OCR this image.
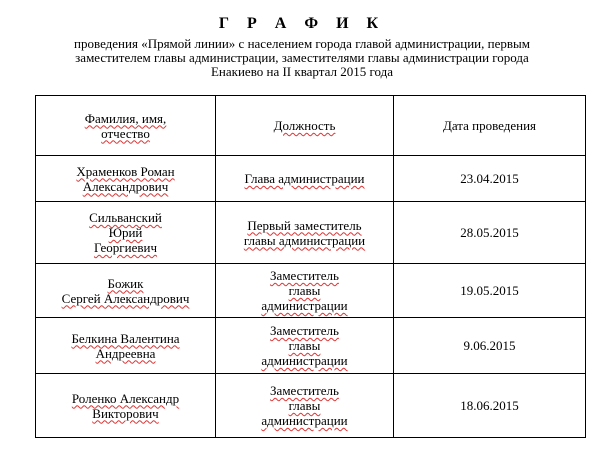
Г Р А Ф И К
проведения «Прямой линии» с населением города главой администрации, первым
заместителем главы администрации, заместителями главы администрации города
Енакиево на II квартал 2015 года
Фамилия, имя,
отчество	Должность	Дата проведения

Храменков Роман
Александрович	Глава администрации	23.04.2015

Сильванский
Юрий
Георгиевич	Первый заместитель
главы администрации	28.05.2015

Божик
Сергей Александрович	Заместитель
главы
администрации	19.05.2015

Белкина Валентина
Андреевна	Заместитель
главы
администрации	9.06.2015

Роленко Александр
Викторович	Заместитель
главы
администрации	18.06.2015
